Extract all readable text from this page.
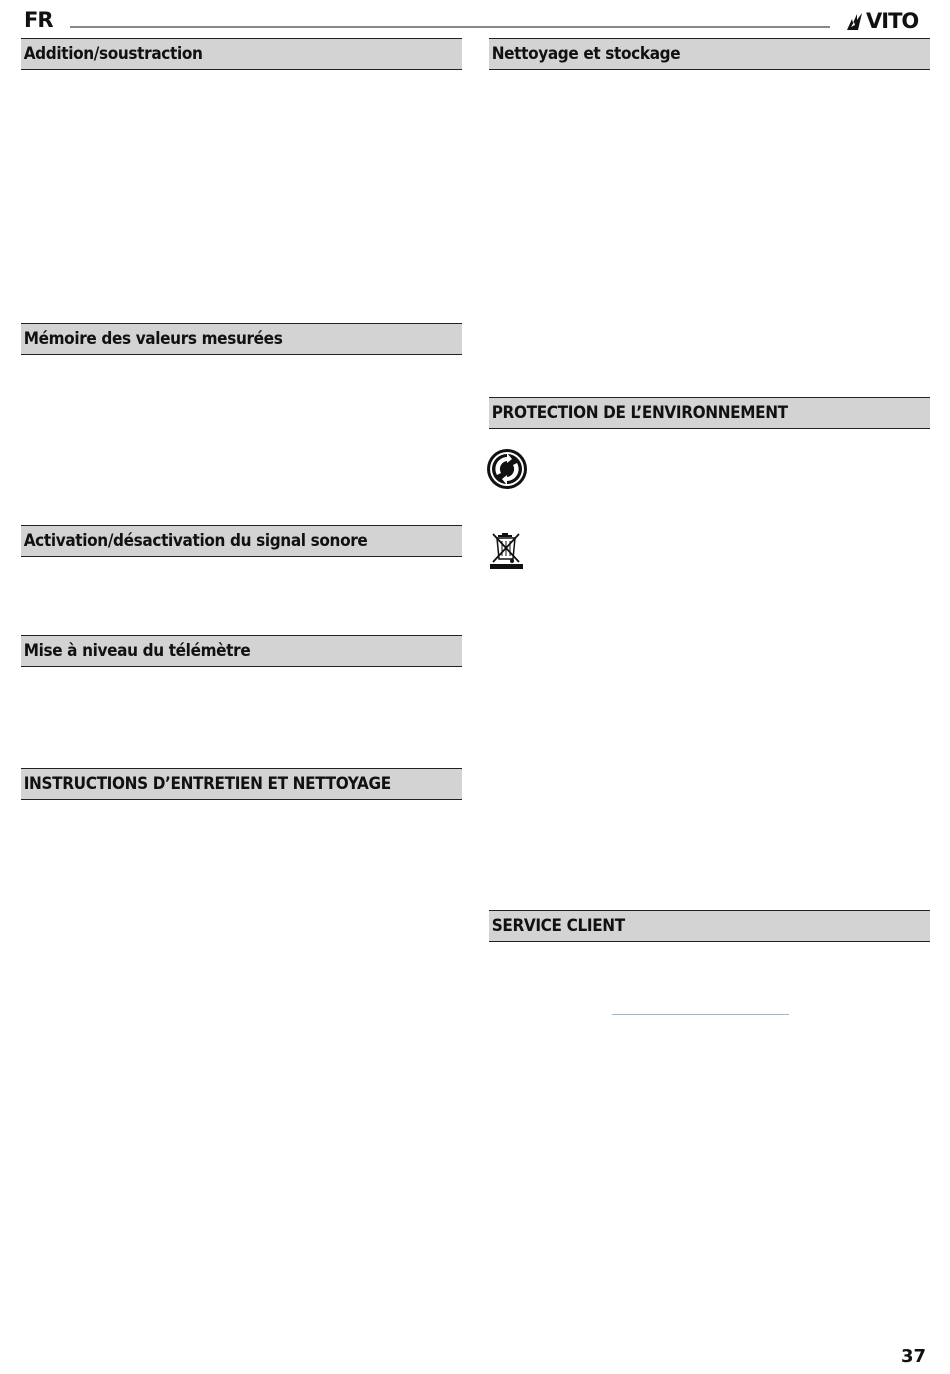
FR	VITO
Addition/soustraction
Mémoire des valeurs mesurées
Activation/désactivation du signal sonore
Mise à niveau du télémètre
INSTRUCTIONS D’ENTRETIEN ET NETTOYAGE
Nettoyage et stockage
PROTECTION DE L’ENVIRONNEMENT
SERVICE CLIENT
37
